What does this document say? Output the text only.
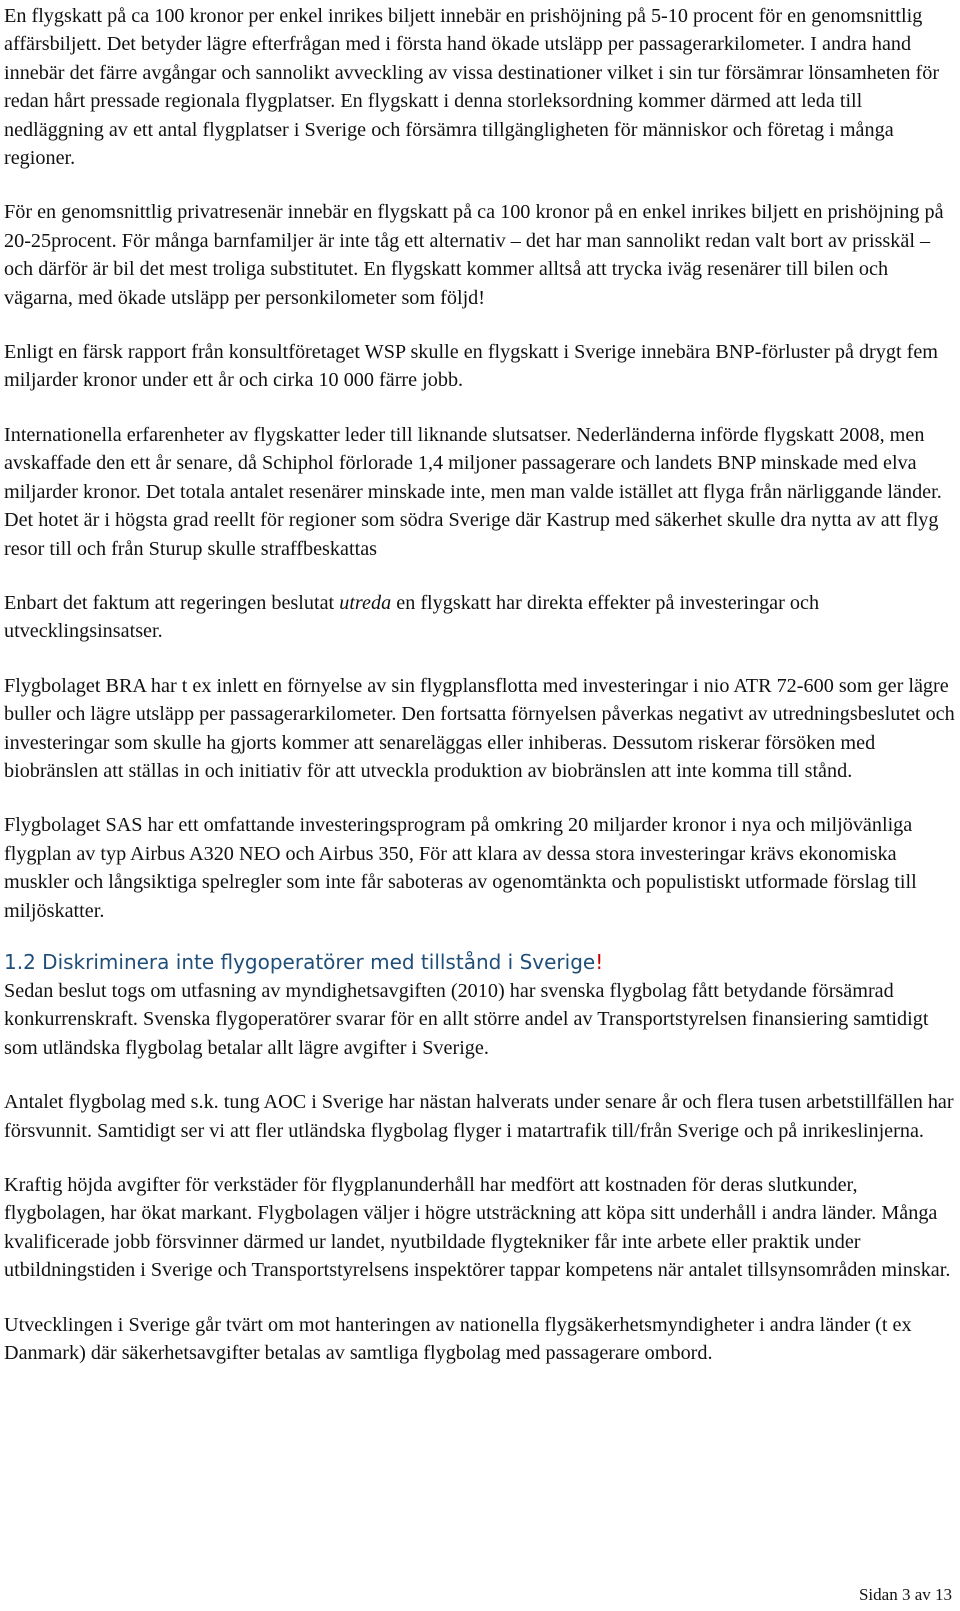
En flygskatt på ca 100 kronor per enkel inrikes biljett innebär en prishöjning på 5-10 procent för en genomsnittlig affärsbiljett. Det betyder lägre efterfrågan med i första hand ökade utsläpp per passagerarkilometer. I andra hand innebär det färre avgångar och sannolikt avveckling av vissa destinationer vilket i sin tur försämrar lönsamheten för redan hårt pressade regionala flygplatser. En flygskatt i denna storleksordning kommer därmed att leda till nedläggning av ett antal flygplatser i Sverige och försämra tillgängligheten för människor och företag i många regioner.

För en genomsnittlig privatresenär innebär en flygskatt på ca 100 kronor på en enkel inrikes biljett en prishöjning på 20-25procent. För många barnfamiljer är inte tåg ett alternativ – det har man sannolikt redan valt bort av prisskäl – och därför är bil det mest troliga substitutet. En flygskatt kommer alltså att trycka iväg resenärer till bilen och vägarna, med ökade utsläpp per personkilometer som följd!

Enligt en färsk rapport från konsultföretaget WSP skulle en flygskatt i Sverige innebära BNP-förluster på drygt fem miljarder kronor under ett år och cirka 10 000 färre jobb.

Internationella erfarenheter av flygskatter leder till liknande slutsatser. Nederländerna införde flygskatt 2008, men avskaffade den ett år senare, då Schiphol förlorade 1,4 miljoner passagerare och landets BNP minskade med elva miljarder kronor. Det totala antalet resenärer minskade inte, men man valde istället att flyga från närliggande länder. Det hotet är i högsta grad reellt för regioner som södra Sverige där Kastrup med säkerhet skulle dra nytta av att flyg resor till och från Sturup skulle straffbeskattas

Enbart det faktum att regeringen beslutat utreda en flygskatt har direkta effekter på investeringar och utvecklingsinsatser.

Flygbolaget BRA har t ex inlett en förnyelse av sin flygplansflotta med investeringar i nio ATR 72-600 som ger lägre buller och lägre utsläpp per passagerarkilometer. Den fortsatta förnyelsen påverkas negativt av utredningsbeslutet och investeringar som skulle ha gjorts kommer att senareläggas eller inhiberas. Dessutom riskerar försöken med biobränslen att ställas in och initiativ för att utveckla produktion av biobränslen att inte komma till stånd.

Flygbolaget SAS har ett omfattande investeringsprogram på omkring 20 miljarder kronor i nya och miljövänliga flygplan av typ Airbus A320 NEO och Airbus 350, För att klara av dessa stora investeringar krävs ekonomiska muskler och långsiktiga spelregler som inte får saboteras av ogenomtänkta och populistiskt utformade förslag till miljöskatter.

1.2 Diskriminera inte flygoperatörer med tillstånd i Sverige!

Sedan beslut togs om utfasning av myndighetsavgiften (2010) har svenska flygbolag fått betydande försämrad konkurrenskraft. Svenska flygoperatörer svarar för en allt större andel av Transportstyrelsen finansiering samtidigt som utländska flygbolag betalar allt lägre avgifter i Sverige.

Antalet flygbolag med s.k. tung AOC i Sverige har nästan halverats under senare år och flera tusen arbetstillfällen har försvunnit. Samtidigt ser vi att fler utländska flygbolag flyger i matartrafik till/från Sverige och på inrikeslinjerna.

Kraftig höjda avgifter för verkstäder för flygplanunderhåll har medfört att kostnaden för deras slutkunder, flygbolagen, har ökat markant. Flygbolagen väljer i högre utsträckning att köpa sitt underhåll i andra länder. Många kvalificerade jobb försvinner därmed ur landet, nyutbildade flygtekniker får inte arbete eller praktik under utbildningstiden i Sverige och Transportstyrelsens inspektörer tappar kompetens när antalet tillsynsområden minskar.

Utvecklingen i Sverige går tvärt om mot hanteringen av nationella flygsäkerhetsmyndigheter i andra länder (t ex Danmark) där säkerhetsavgifter betalas av samtliga flygbolag med passagerare ombord.

Sidan 3 av 13
